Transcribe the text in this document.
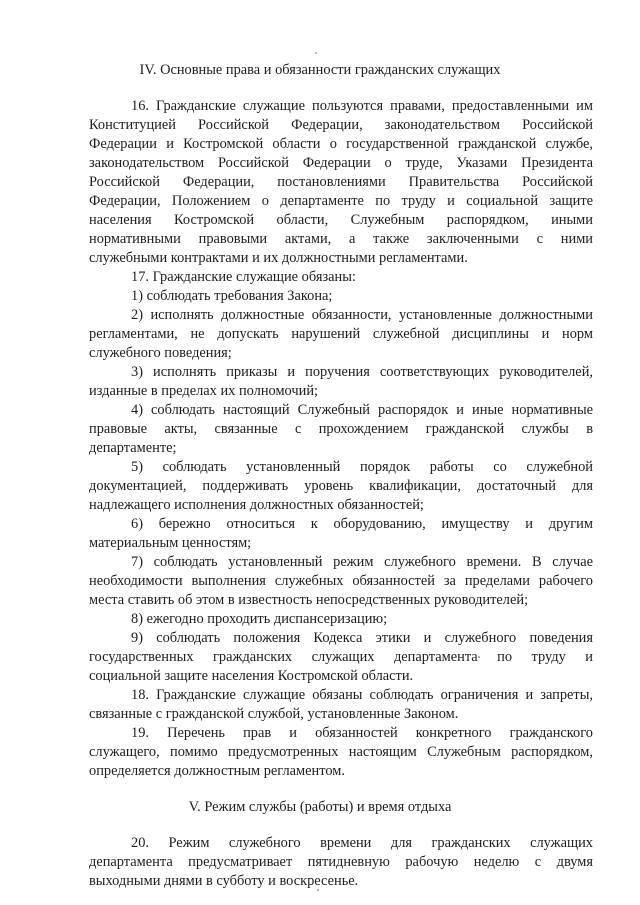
IV. Основные права и обязанности гражданских служащих
16. Гражданские служащие пользуются правами, предоставленными им
Конституцией Российской Федерации, законодательством Российской
Федерации и Костромской области о государственной гражданской службе,
законодательством Российской Федерации о труде, Указами Президента
Российской Федерации, постановлениями Правительства Российской
Федерации, Положением о департаменте по труду и социальной защите
населения Костромской области, Служебным распорядком, иными
нормативными правовыми актами, а также заключенными с ними
служебными контрактами и их должностными регламентами.
17. Гражданские служащие обязаны:
1) соблюдать требования Закона;
2) исполнять должностные обязанности, установленные должностными
регламентами, не допускать нарушений служебной дисциплины и норм
служебного поведения;
3) исполнять приказы и поручения соответствующих руководителей,
изданные в пределах их полномочий;
4) соблюдать настоящий Служебный распорядок и иные нормативные
правовые акты, связанные с прохождением гражданской службы в
департаменте;
5) соблюдать установленный порядок работы со служебной
документацией, поддерживать уровень квалификации, достаточный для
надлежащего исполнения должностных обязанностей;
6) бережно относиться к оборудованию, имуществу и другим
материальным ценностям;
7) соблюдать установленный режим служебного времени. В случае
необходимости выполнения служебных обязанностей за пределами рабочего
места ставить об этом в известность непосредственных руководителей;
8) ежегодно проходить диспансеризацию;
9) соблюдать положения Кодекса этики и служебного поведения
государственных гражданских служащих департамента по труду и
социальной защите населения Костромской области.
18. Гражданские служащие обязаны соблюдать ограничения и запреты,
связанные с гражданской службой, установленные Законом.
19. Перечень прав и обязанностей конкретного гражданского
служащего, помимо предусмотренных настоящим Служебным распорядком,
определяется должностным регламентом.
V. Режим службы (работы) и время отдыха
20. Режим служебного времени для гражданских служащих
департамента предусматривает пятидневную рабочую неделю с двумя
выходными днями в субботу и воскресенье.
